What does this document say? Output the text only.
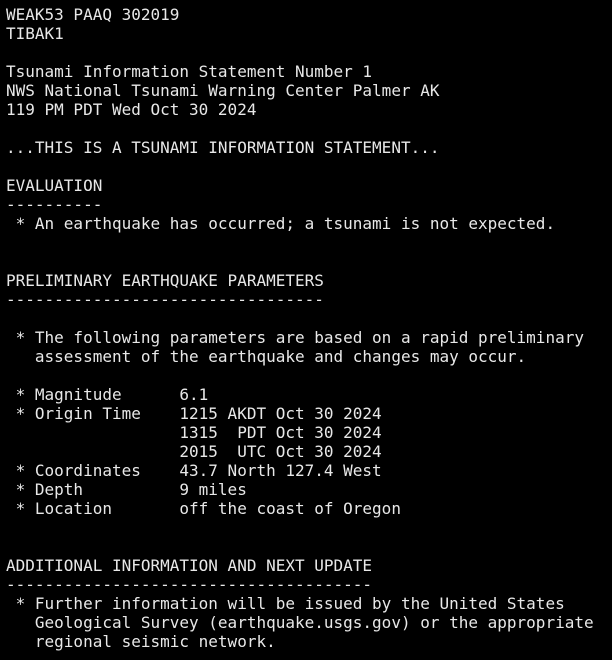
WEAK53 PAAQ 302019
TIBAK1
Tsunami Information Statement Number 1
NWS National Tsunami Warning Center Palmer AK
119 PM PDT Wed Oct 30 2024
...THIS IS A TSUNAMI INFORMATION STATEMENT...
EVALUATION
----------
* An earthquake has occurred; a tsunami is not expected.
PRELIMINARY EARTHQUAKE PARAMETERS
---------------------------------
* The following parameters are based on a rapid preliminary
assessment of the earthquake and changes may occur.
* Magnitude      6.1
* Origin Time    1215 AKDT Oct 30 2024
1315  PDT Oct 30 2024
2015  UTC Oct 30 2024
* Coordinates    43.7 North 127.4 West
* Depth          9 miles
* Location       off the coast of Oregon
ADDITIONAL INFORMATION AND NEXT UPDATE
--------------------------------------
* Further information will be issued by the United States
Geological Survey (earthquake.usgs.gov) or the appropriate
regional seismic network.
